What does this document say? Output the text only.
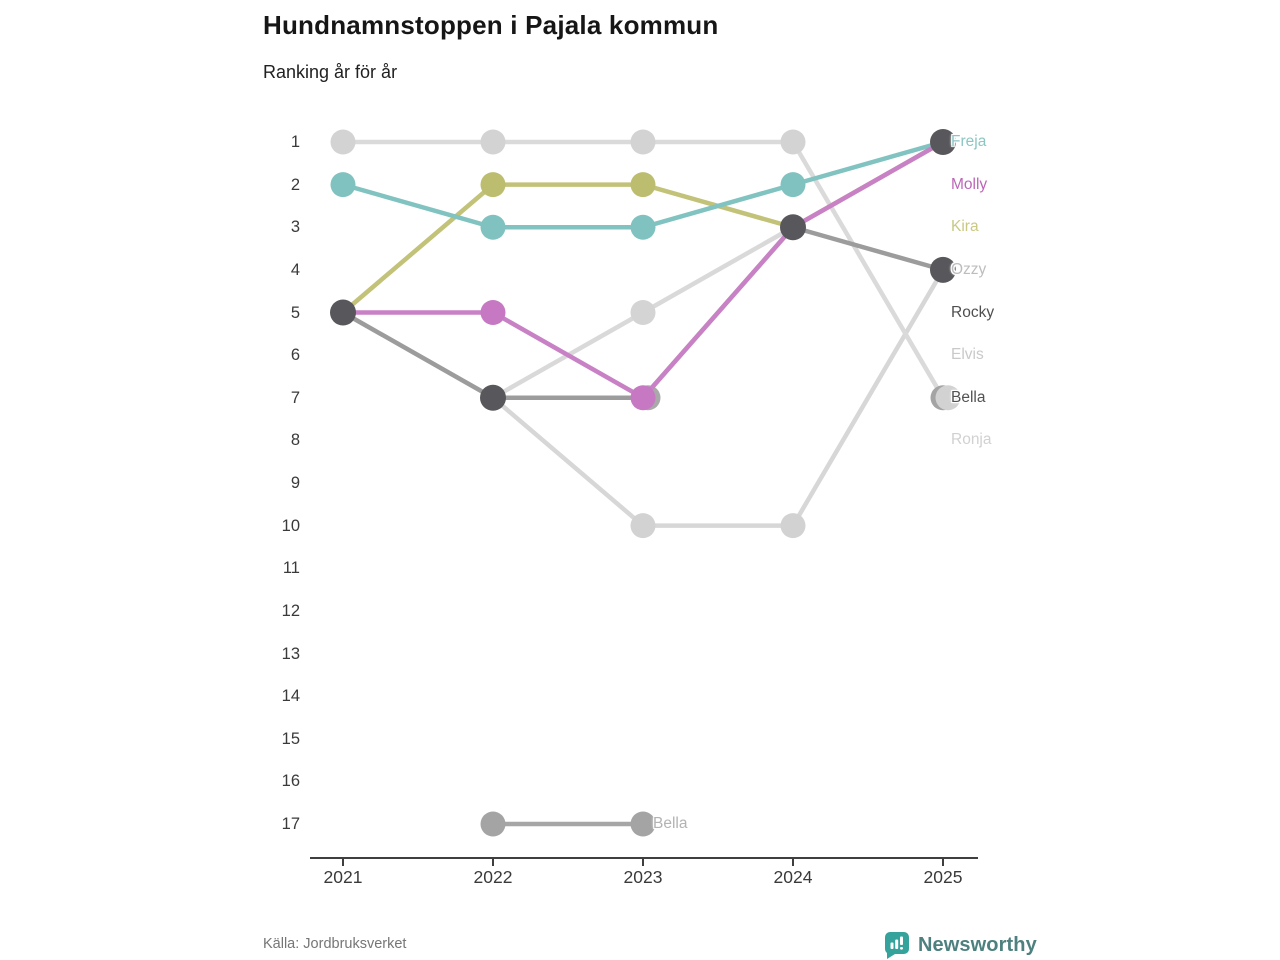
Hundnamnstoppen i Pajala kommun
Ranking år för år
1
2
3
4
5
6
7
8
9
10
11
12
13
14
15
16
17
2021	2022	2023	2024	2025
Freja
Molly
Kira
Ozzy
Rocky
Elvis
Bella
Ronja
Bella
Källa: Jordbruksverket	Newsworthy
